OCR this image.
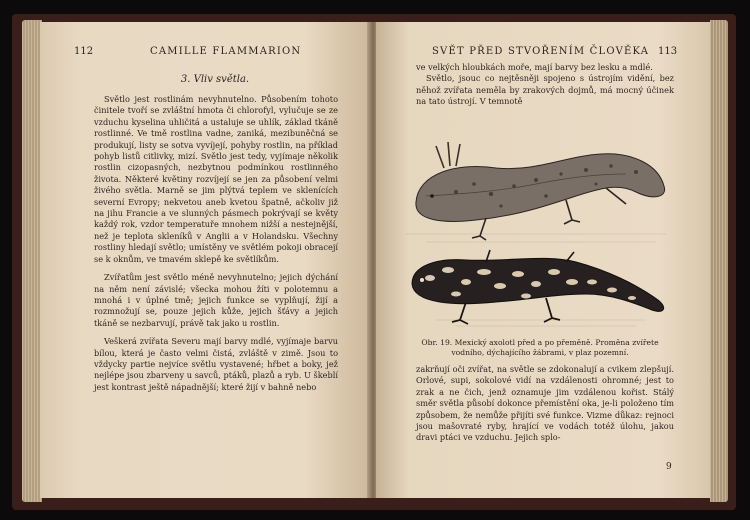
112	CAMILLE FLAMMARION
3. Vliv světla.

Světlo jest rostlinám nevyhnutelno. Působením tohoto činitele tvoří se zvláštní hmota či chlorofyl, vylučuje se ze vzduchu kyselina uhličitá a ustaluje se uhlík, základ tkáně rostlinné. Ve tmě rostlina vadne, zaniká, mezibuněčná se produkují, listy se sotva vyvíjejí, pohyby rostlin, na příklad pohyb listů citlivky, mizí. Světlo jest tedy, vyjímaje několik rostlin cizopasných, nezbytnou podmínkou rostlinného života. Některé květiny rozvíjejí se jen za působení velmi živého světla. Marně se jim plýtvá teplem ve sklenících severní Evropy; nekvetou aneb kvetou špatně, ačkoliv již na jihu Francie a ve slunných pásmech pokrývají se květy každý rok, vzdor temperatuře mnohem nižší a nestejnější, než je teplota skleníků v Anglii a v Holandsku. Všechny rostliny hledají světlo; umístěny ve světlém pokoji obracejí se k oknům, ve tmavém sklepě ke světlíkům.

Zvířatům jest světlo méně nevyhnutelno; jejich dýchání na něm není závislé; všecka mohou žíti v polotemnu a mnohá i v úplné tmě; jejich funkce se vyplňují, žijí a rozmnožují se, pouze jejich kůže, jejich šťávy a jejich tkáně se nezbarvují, právě tak jako u rostlin.

Veškerá zvířata Severu mají barvy mdlé, vyjímaje barvu bílou, která je často velmi čistá, zvláště v zimě. Jsou to vždycky partie nejvíce světlu vystavené; hřbet a boky, jež nejlépe jsou zbarveny u savců, ptáků, plazů a ryb. U škeblí jest kontrast ještě nápadnější; které žijí v bahně nebo

SVĚT PŘED STVOŘENÍM ČLOVĚKA 113

ve velkých hloubkách moře, mají barvy bez lesku a mdlé.

Světlo, jsouc co nejtěsněji spojeno s ústrojím vidění, bez něhož zvířata neměla by zrakových dojmů, má mocný účinek na tato ústrojí. V temnotě

Obr. 19. Mexický axolotl před a po přeměně. Proměna zvířete vodního, dýchajícího žábrami, v plaz pozemní.

zakrňují oči zvířat, na světle se zdokonalují a cvikem zlepšují. Orlové, supi, sokolové vidí na vzdálenosti ohromné; jest to zrak a ne čich, jenž oznamuje jim vzdálenou kořist. Stálý směr světla působí dokonce přemístění oka, je-li položeno tím způsobem, že nemůže přijíti své funkce. Vizme důkaz: rejnoci jsou mašovraté ryby, hrající ve vodách totéž úlohu, jakou dravi ptáci ve vzduchu. Jejich splo-

9
